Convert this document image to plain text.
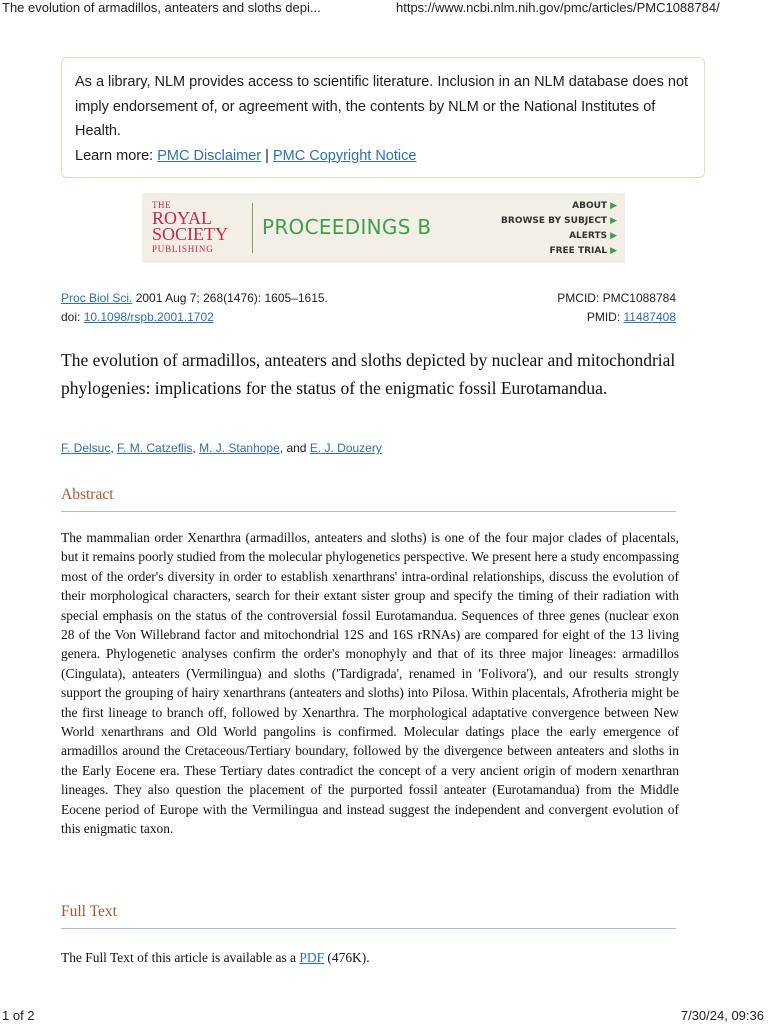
The evolution of armadillos, anteaters and sloths depi...	https://www.ncbi.nlm.nih.gov/pmc/articles/PMC1088784/
As a library, NLM provides access to scientific literature. Inclusion in an NLM database does not imply endorsement of, or agreement with, the contents by NLM or the National Institutes of Health.
Learn more: PMC Disclaimer | PMC Copyright Notice
THE
ROYAL
SOCIETY
PUBLISHING
PROCEEDINGS B
ABOUT ▶
BROWSE BY SUBJECT ▶
ALERTS ▶
FREE TRIAL ▶
Proc Biol Sci. 2001 Aug 7; 268(1476): 1605–1615.
doi: 10.1098/rspb.2001.1702
PMCID: PMC1088784
PMID: 11487408
The evolution of armadillos, anteaters and sloths depicted by nuclear and mitochondrial phylogenies: implications for the status of the enigmatic fossil Eurotamandua.
F. Delsuc, F. M. Catzeflis, M. J. Stanhope, and E. J. Douzery
Abstract
The mammalian order Xenarthra (armadillos, anteaters and sloths) is one of the four major clades of placentals, but it remains poorly studied from the molecular phylogenetics perspective. We present here a study encompassing most of the order's diversity in order to establish xenarthrans' intra-ordinal relationships, discuss the evolution of their morphological characters, search for their extant sister group and specify the timing of their radiation with special emphasis on the status of the controversial fossil Eurotamandua. Sequences of three genes (nuclear exon 28 of the Von Willebrand factor and mitochondrial 12S and 16S rRNAs) are compared for eight of the 13 living genera. Phylogenetic analyses confirm the order's monophyly and that of its three major lineages: armadillos (Cingulata), anteaters (Vermilingua) and sloths ('Tardigrada', renamed in 'Folivora'), and our results strongly support the grouping of hairy xenarthrans (anteaters and sloths) into Pilosa. Within placentals, Afrotheria might be the first lineage to branch off, followed by Xenarthra. The morphological adaptative convergence between New World xenarthrans and Old World pangolins is confirmed. Molecular datings place the early emergence of armadillos around the Cretaceous/Tertiary boundary, followed by the divergence between anteaters and sloths in the Early Eocene era. These Tertiary dates contradict the concept of a very ancient origin of modern xenarthran lineages. They also question the placement of the purported fossil anteater (Eurotamandua) from the Middle Eocene period of Europe with the Vermilingua and instead suggest the independent and convergent evolution of this enigmatic taxon.
Full Text
The Full Text of this article is available as a PDF (476K).
1 of 2	7/30/24, 09:36
